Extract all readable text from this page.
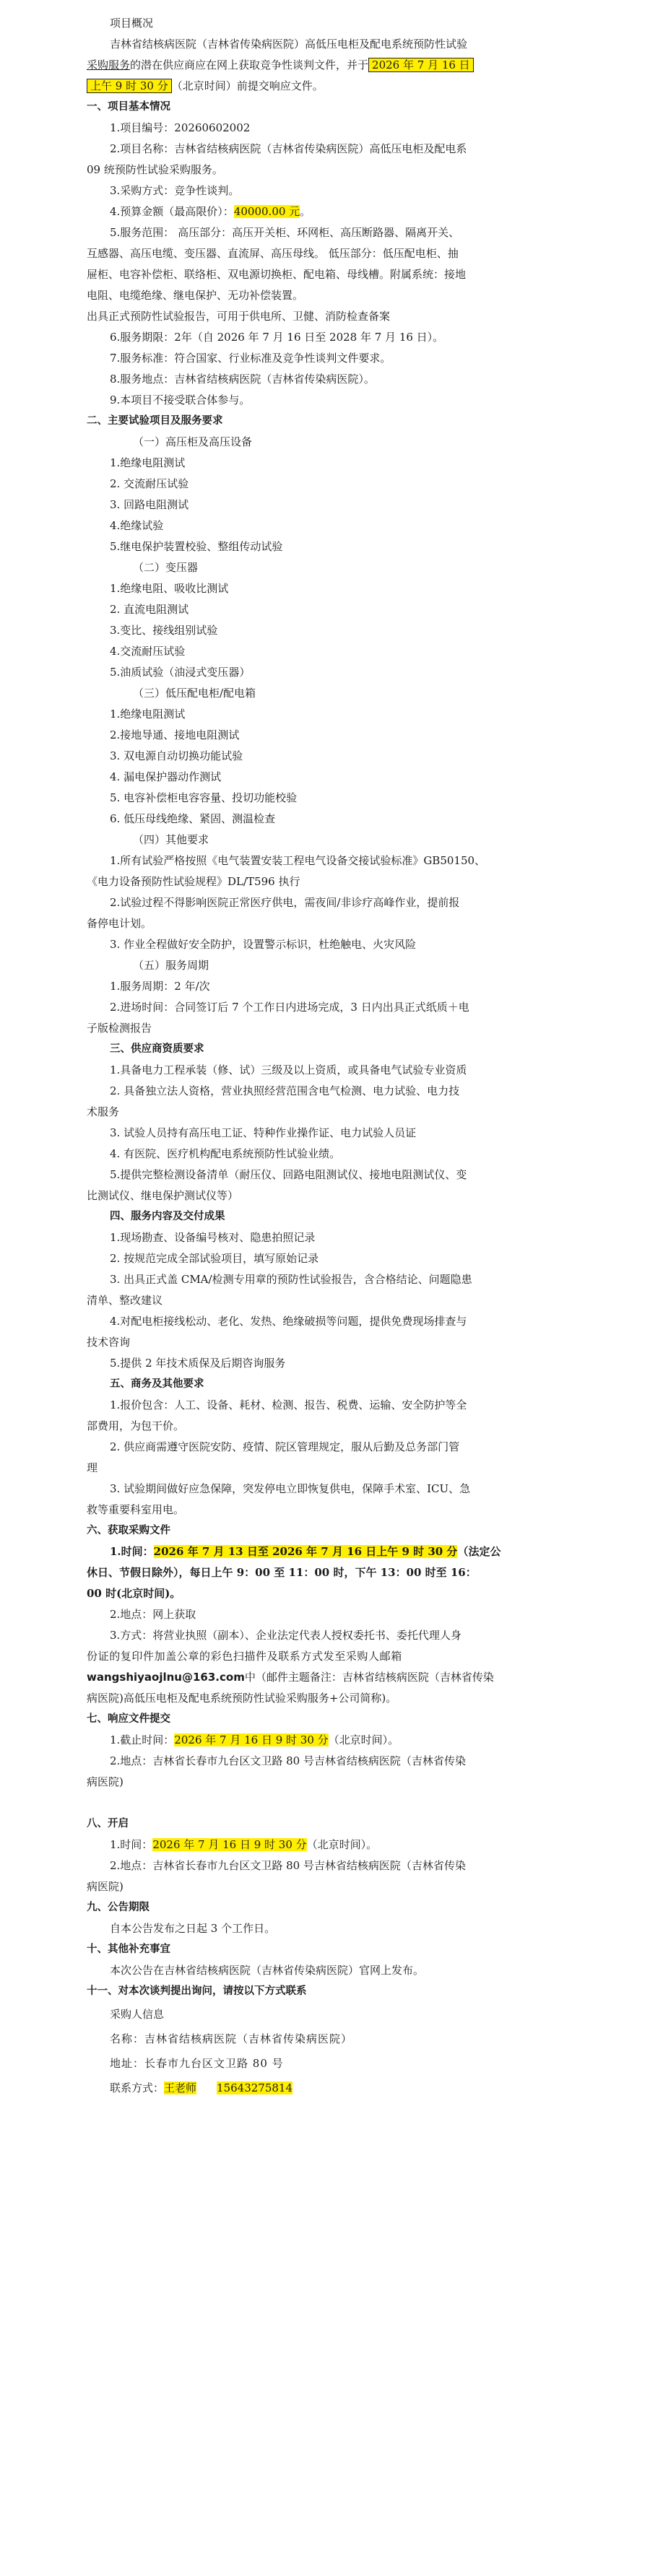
项目概况
吉林省结核病医院（吉林省传染病医院）高低压电柜及配电系统预防性试验
采购服务的潜在供应商应在网上获取竞争性谈判文件，并于 2026 年 7 月 16 日
上午 9 时 30 分 （北京时间）前提交响应文件。
一、项目基本情况
1.项目编号：20260602002
2.项目名称：吉林省结核病医院（吉林省传染病医院）高低压电柜及配电系
09 统预防性试验采购服务。
3.采购方式：竞争性谈判。
4.预算金额（最高限价）：40000.00 元。
5.服务范围： 高压部分：高压开关柜、环网柜、高压断路器、隔离开关、
互感器、高压电缆、变压器、直流屏、高压母线。 低压部分：低压配电柜、抽
屉柜、电容补偿柜、联络柜、双电源切换柜、配电箱、母线槽。附属系统：接地
电阻、电缆绝缘、继电保护、无功补偿装置。
出具正式预防性试验报告，可用于供电所、卫健、消防检查备案
6.服务期限：2年（自 2026 年 7 月 16 日至 2028 年 7 月 16 日）。
7.服务标准：符合国家、行业标准及竞争性谈判文件要求。
8.服务地点：吉林省结核病医院（吉林省传染病医院）。
9.本项目不接受联合体参与。
二、主要试验项目及服务要求
（一）高压柜及高压设备
1.绝缘电阻测试
2. 交流耐压试验
3. 回路电阻测试
4.绝缘试验
5.继电保护装置校验、整组传动试验
（二）变压器
1.绝缘电阻、吸收比测试
2. 直流电阻测试
3.变比、接线组别试验
4.交流耐压试验
5.油质试验（油浸式变压器）
（三）低压配电柜/配电箱
1.绝缘电阻测试
2.接地导通、接地电阻测试
3. 双电源自动切换功能试验
4. 漏电保护器动作测试
5. 电容补偿柜电容容量、投切功能校验
6. 低压母线绝缘、紧固、测温检查
（四）其他要求
1.所有试验严格按照《电气装置安装工程电气设备交接试验标准》GB50150、
《电力设备预防性试验规程》DL/T596 执行
2.试验过程不得影响医院正常医疗供电，需夜间/非诊疗高峰作业，提前报
备停电计划。
3. 作业全程做好安全防护，设置警示标识，杜绝触电、火灾风险
（五）服务周期
1.服务周期：2 年/次
2.进场时间：合同签订后 7 个工作日内进场完成，3 日内出具正式纸质＋电
子版检测报告
三、供应商资质要求
1.具备电力工程承装（修、试）三级及以上资质，或具备电气试验专业资质
2. 具备独立法人资格，营业执照经营范围含电气检测、电力试验、电力技
术服务
3. 试验人员持有高压电工证、特种作业操作证、电力试验人员证
4. 有医院、医疗机构配电系统预防性试验业绩。
5.提供完整检测设备清单（耐压仪、回路电阻测试仪、接地电阻测试仪、变
比测试仪、继电保护测试仪等）
四、服务内容及交付成果
1.现场勘查、设备编号核对、隐患拍照记录
2. 按规范完成全部试验项目，填写原始记录
3. 出具正式盖 CMA/检测专用章的预防性试验报告，含合格结论、问题隐患
清单、整改建议
4.对配电柜接线松动、老化、发热、绝缘破损等问题，提供免费现场排查与
技术咨询
5.提供 2 年技术质保及后期咨询服务
五、商务及其他要求
1.报价包含：人工、设备、耗材、检测、报告、税费、运输、安全防护等全
部费用，为包干价。
2. 供应商需遵守医院安防、疫情、院区管理规定，服从后勤及总务部门管
理
3. 试验期间做好应急保障，突发停电立即恢复供电，保障手术室、ICU、急
救等重要科室用电。
六、获取采购文件
1.时间：2026 年 7 月 13 日至 2026 年 7 月 16 日上午 9 时 30 分（法定公
休日、节假日除外），每日上午 9：00 至 11：00 时，下午 13：00 时至 16：
00 时(北京时间)。
2.地点：网上获取
3.方式：将营业执照（副本）、企业法定代表人授权委托书、委托代理人身
份证的复印件加盖公章的彩色扫描件及联系方式发至采购人邮箱
wangshiyaojlnu@163.com中（邮件主题备注：吉林省结核病医院（吉林省传染
病医院)高低压电柜及配电系统预防性试验采购服务+公司简称)。
七、响应文件提交
1.截止时间：2026 年 7 月 16 日 9 时 30 分（北京时间）。
2.地点：吉林省长春市九台区文卫路 80 号吉林省结核病医院（吉林省传染
病医院)
八、开启
1.时间：2026 年 7 月 16 日 9 时 30 分（北京时间）。
2.地点：吉林省长春市九台区文卫路 80 号吉林省结核病医院（吉林省传染
病医院)
九、公告期限
自本公告发布之日起 3 个工作日。
十、其他补充事宜
本次公告在吉林省结核病医院（吉林省传染病医院）官网上发布。
十一、对本次谈判提出询问，请按以下方式联系
采购人信息
名称：吉林省结核病医院（吉林省传染病医院）
地址：长春市九台区文卫路 80 号
联系方式：王老师 15643275814
